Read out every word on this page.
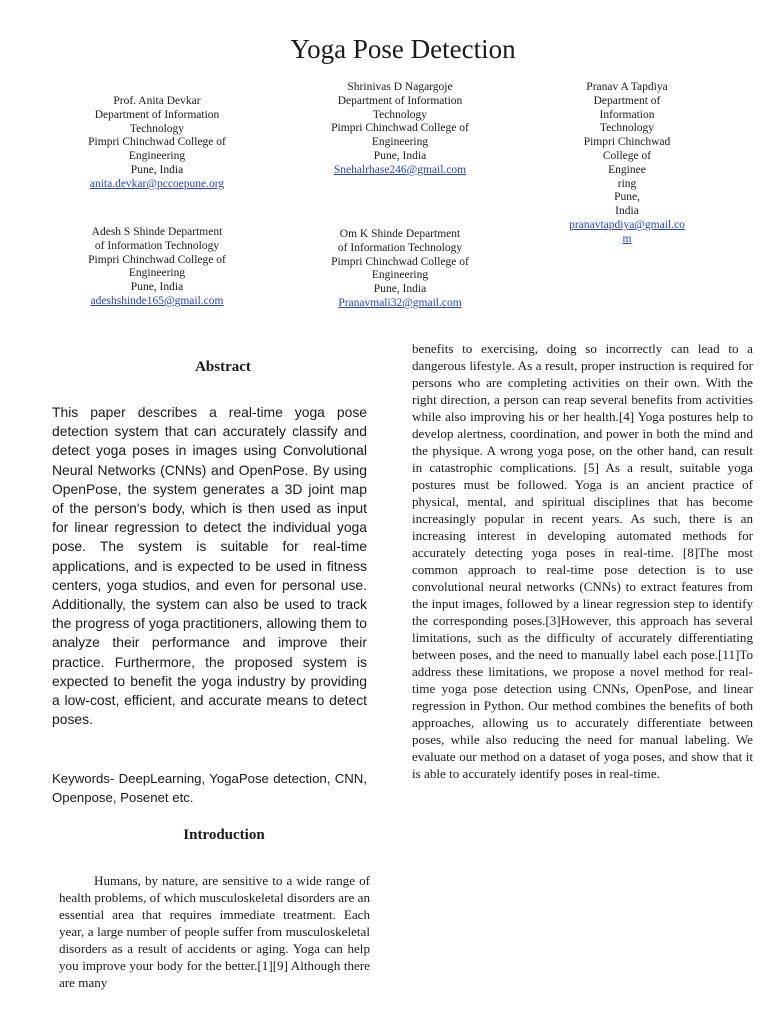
Yoga Pose Detection
Prof. Anita Devkar
Department of Information
Technology
Pimpri Chinchwad College of
Engineering
Pune, India
anita.devkar@pccoepune.org
Shrinivas D Nagargoje
Department of Information
Technology
Pimpri Chinchwad College of
Engineering
Pune, India
Snehalrhase246@gmail.com
Pranav A Tapdiya
Department of
Information
Technology
Pimpri Chinchwad
College of
Enginee
ring
Pune,
India
pranavtapdiya@gmail.co
m
Adesh S Shinde Department
of Information Technology
Pimpri Chinchwad College of
Engineering
Pune, India
adeshshinde165@gmail.com
Om K Shinde Department
of Information Technology
Pimpri Chinchwad College of
Engineering
Pune, India
Pranavmali32@gmail.com
Abstract

This paper describes a real-time yoga pose detection system that can accurately classify and detect yoga poses in images using Convolutional Neural Networks (CNNs) and OpenPose. By using OpenPose, the system generates a 3D joint map of the person's body, which is then used as input for linear regression to detect the individual yoga pose. The system is suitable for real-time applications, and is expected to be used in fitness centers, yoga studios, and even for personal use. Additionally, the system can also be used to track the progress of yoga practitioners, allowing them to analyze their performance and improve their practice. Furthermore, the proposed system is expected to benefit the yoga industry by providing a low-cost, efficient, and accurate means to detect poses.

Keywords- DeepLearning, YogaPose detection, CNN, Openpose, Posenet etc.

Introduction

Humans, by nature, are sensitive to a wide range of health problems, of which musculoskeletal disorders are an essential area that requires immediate treatment. Each year, a large number of people suffer from musculoskeletal disorders as a result of accidents or aging. Yoga can help you improve your body for the better.[1][9] Although there are many

benefits to exercising, doing so incorrectly can lead to a dangerous lifestyle. As a result, proper instruction is required for persons who are completing activities on their own. With the right direction, a person can reap several benefits from activities while also improving his or her health.[4] Yoga postures help to develop alertness, coordination, and power in both the mind and the physique. A wrong yoga pose, on the other hand, can result in catastrophic complications. [5] As a result, suitable yoga postures must be followed. Yoga is an ancient practice of physical, mental, and spiritual disciplines that has become increasingly popular in recent years. As such, there is an increasing interest in developing automated methods for accurately detecting yoga poses in real-time. [8]The most common approach to real-time pose detection is to use convolutional neural networks (CNNs) to extract features from the input images, followed by a linear regression step to identify the corresponding poses.[3]However, this approach has several limitations, such as the difficulty of accurately differentiating between poses, and the need to manually label each pose.[11]To address these limitations, we propose a novel method for real-time yoga pose detection using CNNs, OpenPose, and linear regression in Python. Our method combines the benefits of both approaches, allowing us to accurately differentiate between poses, while also reducing the need for manual labeling. We evaluate our method on a dataset of yoga poses, and show that it is able to accurately identify poses in real-time.
